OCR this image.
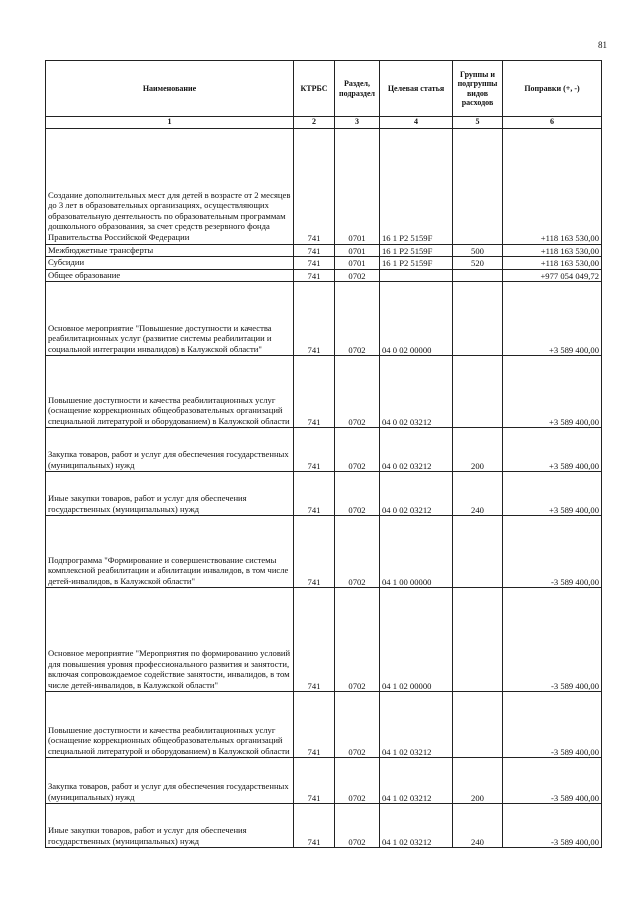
81
Наименование	КТРБС	Раздел, подраздел	Целевая статья	Группы и подгруппы видов расходов	Поправки (+, -)
1	2	3	4	5	6
Создание дополнительных мест для детей в возрасте от 2 месяцев до 3 лет в образовательных организациях, осуществляющих образовательную деятельность по образовательным программам дошкольного образования, за счет средств резервного фонда Правительства Российской Федерации	741	0701	16 1 P2 5159F		+118 163 530,00
Межбюджетные трансферты	741	0701	16 1 P2 5159F	500	+118 163 530,00
Субсидии	741	0701	16 1 P2 5159F	520	+118 163 530,00
Общее образование	741	0702			+977 054 049,72
Основное мероприятие "Повышение доступности и качества реабилитационных услуг (развитие системы реабилитации и социальной интеграции инвалидов) в Калужской области"	741	0702	04 0 02 00000		+3 589 400,00
Повышение доступности и качества реабилитационных услуг (оснащение коррекционных общеобразовательных организаций специальной литературой и оборудованием) в Калужской области	741	0702	04 0 02 03212		+3 589 400,00
Закупка товаров, работ и услуг для обеспечения государственных (муниципальных) нужд	741	0702	04 0 02 03212	200	+3 589 400,00
Иные закупки товаров, работ и услуг для обеспечения государственных (муниципальных) нужд	741	0702	04 0 02 03212	240	+3 589 400,00
Подпрограмма "Формирование и совершенствование системы комплексной реабилитации и абилитации инвалидов, в том числе детей-инвалидов, в Калужской области"	741	0702	04 1 00 00000		-3 589 400,00
Основное мероприятие "Мероприятия по формированию условий для повышения уровня профессионального развития и занятости, включая сопровождаемое содействие занятости, инвалидов, в том числе детей-инвалидов, в Калужской области"	741	0702	04 1 02 00000		-3 589 400,00
Повышение доступности и качества реабилитационных услуг (оснащение коррекционных общеобразовательных организаций специальной литературой и оборудованием) в Калужской области	741	0702	04 1 02 03212		-3 589 400,00
Закупка товаров, работ и услуг для обеспечения государственных (муниципальных) нужд	741	0702	04 1 02 03212	200	-3 589 400,00
Иные закупки товаров, работ и услуг для обеспечения государственных (муниципальных) нужд	741	0702	04 1 02 03212	240	-3 589 400,00
